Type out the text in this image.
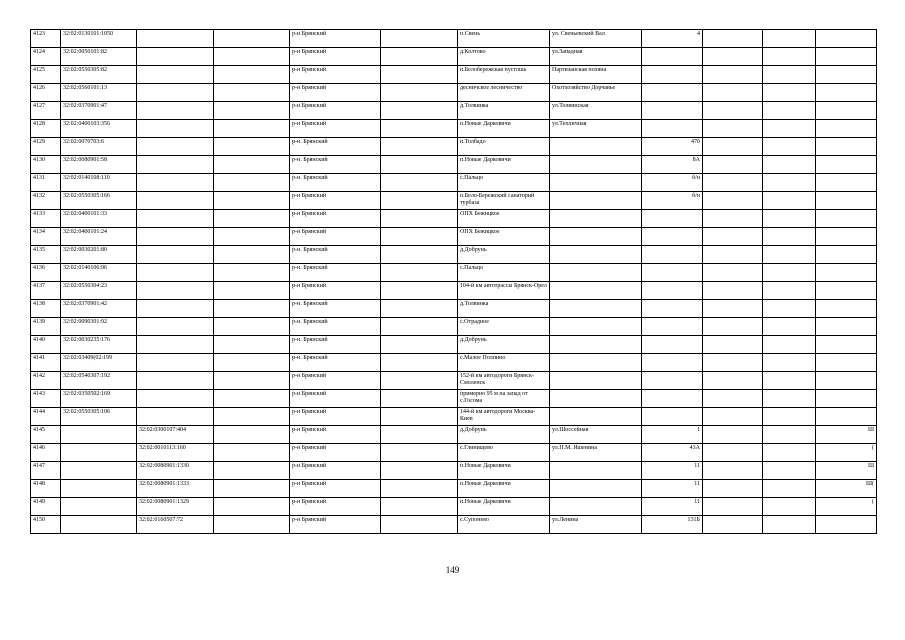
4123	32:02:0130101:1050			р-н Брянский		п.Свень	ул. Свеньевский Вал	4			
4124	32:02:0050101:82			р-н Брянский		д.Колтово	ул.Западная				
4125	32:02:0550305:82			р-н Брянский		п.Белобережская пустошь	Партизанская поляна				
4126	32:02:0560101:13			р-н Брянский		десничское лесничество	Охотхозяйство Дорчавье				
4127	32:02:0370901:47			р-н Брянский		д.Толвинка	ул.Толвинская				
4128	32:02:0400103:356			р-н Брянский		п.Новые Дарковичи	ул.Тепличная				
4129	32:02:0070703:6			р-н. Брянский		п.Толбадо		47б			
4130	32:02:0080901:58			р-н. Брянский		п.Новые Дарковичи		8А			
4131	32:02:0140108:110			р-н. Брянский		с.Пальцо		б/н			
4132	32:02:0550305:166			р-н Брянский		п.Бело-Бережский санаторий турбаза		б/н			
4133	32:02:0400101:33			р-н Брянский		ОПХ Бежицкое					
4134	32:02:0400101:24			р-н Брянский		ОПХ Бежицкое					
4135	32:02:0030201:80			р-н. Брянский		д.Добрунь					
4136	32:02:0140106:96			р-н. Брянский		с.Пальцо					
4137	32:02:0550304:23			р-н Брянский		104-й км автотрассы Брянск-Орел					
4138	32:02:0370901:42			р-н. Брянский		д.Толвинка					
4139	32:02:0090301:92			р-н. Брянский		с.Отрадное					
4140	32:02:0030235:176			р-н. Брянский		д.Добрунь					
4141	32:02:03409(02:199			р-н. Брянский		с.Малое Полпино					
4142	32:02:0540307:192			р-н Брянский		152-й км автодороги Брянск-Смоленск					
4143	32:02:0350502:169			р-н Брянский		примерно 95 м на запад от с.Госома					
4144	32:02:0550305:106			р-н Брянский		144-й км автодороги Москва-Киев					
4145		32:02:0300107:404		р-н Брянский		д.Добрунь	ул.Шоссейная	1			Ш
4146		32:02:0010113:160		р-н Брянский		с.Глинищево	ул.П.М. Яшенина	43А			(
4147		32:02:0080901:1330		р-н Брянский		п.Новые Дарковичи		11			Ш
4148		32:02:0080901:1333		р-н Брянский		п.Новые Дарковичи		11			Ш(
4149		32:02:0080901:1329		р-н Брянский		п.Новые Дарковичи		11			(
4150		32:02:0160507:72		р-н Брянский		с.Супонево	ул.Ленина	131Б			
149
